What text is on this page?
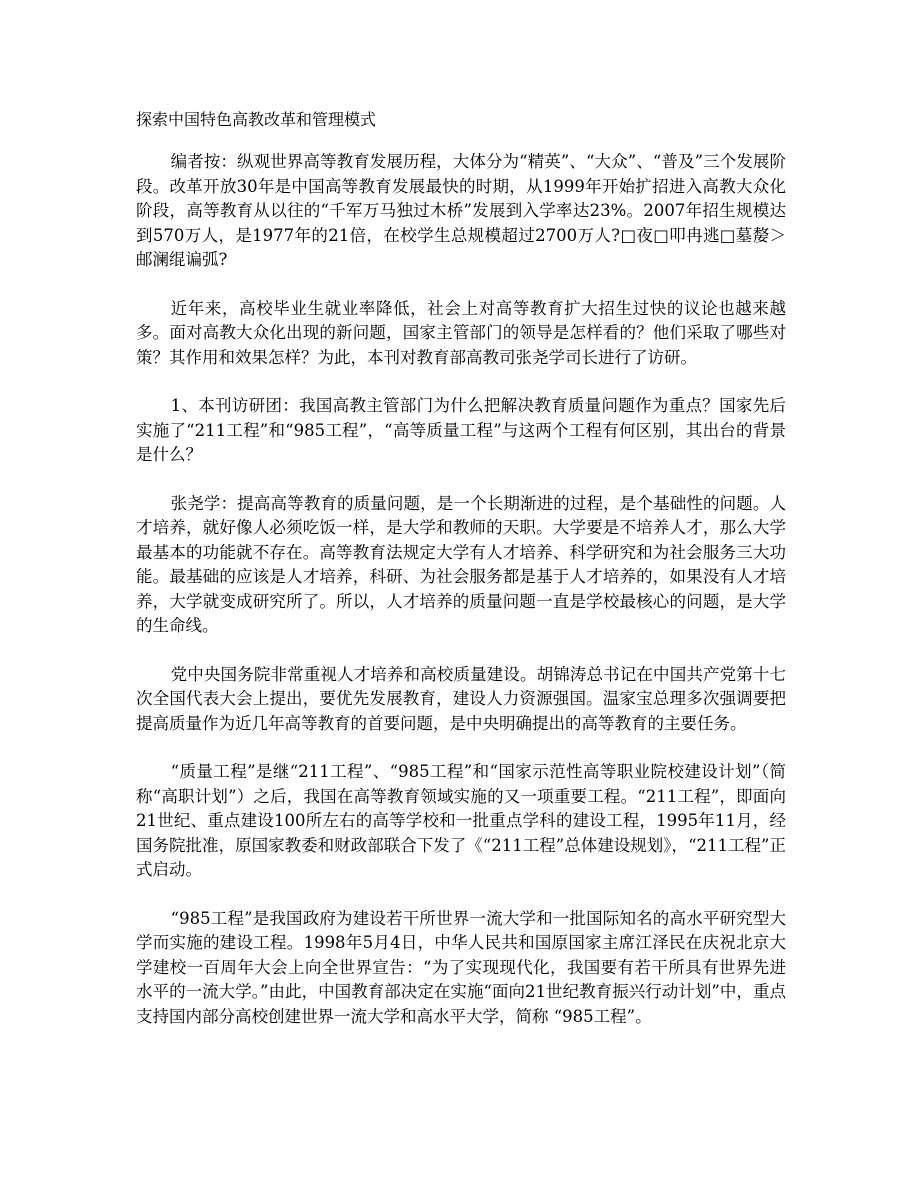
探索中国特色高教改革和管理模式

编者按：纵观世界高等教育发展历程，大体分为“精英”、“大众”、“普及”三个发展阶段。改革开放30年是中国高等教育发展最快的时期，从1999年开始扩招进入高教大众化阶段，高等教育从以往的“千军万马独过木桥”发展到入学率达23%。2007年招生规模达到570万人，是1977年的21倍，在校学生总规模超过2700万人?□夜□叩冉逃□墓嫠＞邮澜绲谝弧?

近年来，高校毕业生就业率降低，社会上对高等教育扩大招生过快的议论也越来越多。面对高教大众化出现的新问题，国家主管部门的领导是怎样看的？他们采取了哪些对策？其作用和效果怎样？为此，本刊对教育部高教司张尧学司长进行了访研。

1、本刊访研团：我国高教主管部门为什么把解决教育质量问题作为重点？国家先后实施了“211工程”和“985工程”，“高等质量工程”与这两个工程有何区别，其出台的背景是什么？

张尧学：提高高等教育的质量问题，是一个长期渐进的过程，是个基础性的问题。人才培养，就好像人必须吃饭一样，是大学和教师的天职。大学要是不培养人才，那么大学最基本的功能就不存在。高等教育法规定大学有人才培养、科学研究和为社会服务三大功能。最基础的应该是人才培养，科研、为社会服务都是基于人才培养的，如果没有人才培养，大学就变成研究所了。所以，人才培养的质量问题一直是学校最核心的问题，是大学的生命线。

党中央国务院非常重视人才培养和高校质量建设。胡锦涛总书记在中国共产党第十七次全国代表大会上提出，要优先发展教育，建设人力资源强国。温家宝总理多次强调要把提高质量作为近几年高等教育的首要问题，是中央明确提出的高等教育的主要任务。

“质量工程”是继“211工程”、“985工程”和“国家示范性高等职业院校建设计划”（简称“高职计划”）之后，我国在高等教育领域实施的又一项重要工程。“211工程”，即面向21世纪、重点建设100所左右的高等学校和一批重点学科的建设工程，1995年11月，经国务院批准，原国家教委和财政部联合下发了《“211工程”总体建设规划》，“211工程”正式启动。

“985工程”是我国政府为建设若干所世界一流大学和一批国际知名的高水平研究型大学而实施的建设工程。1998年5月4日，中华人民共和国原国家主席江泽民在庆祝北京大学建校一百周年大会上向全世界宣告：“为了实现现代化，我国要有若干所具有世界先进水平的一流大学。”由此，中国教育部决定在实施“面向21世纪教育振兴行动计划”中，重点支持国内部分高校创建世界一流大学和高水平大学，简称 “985工程”。
